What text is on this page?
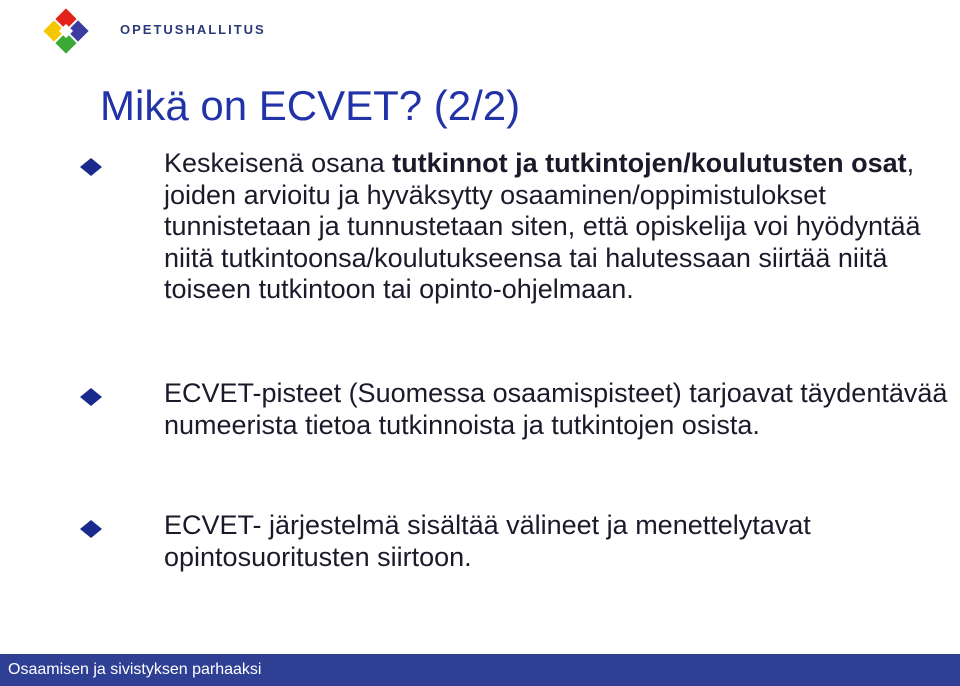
OPETUSHALLITUS
Mikä on ECVET? (2/2)
Keskeisenä osana tutkinnot ja tutkintojen/koulutusten osat, joiden arvioitu ja hyväksytty osaaminen/oppimistulokset tunnistetaan ja tunnustetaan siten, että opiskelija voi hyödyntää niitä tutkintoonsa/koulutukseensa tai halutessaan siirtää niitä toiseen tutkintoon tai opinto-ohjelmaan.
ECVET-pisteet (Suomessa osaamispisteet) tarjoavat täydentävää numeerista tietoa tutkinnoista ja tutkintojen osista.
ECVET- järjestelmä sisältää välineet ja menettelytavat opintosuoritusten siirtoon.
Osaamisen ja sivistyksen parhaaksi
